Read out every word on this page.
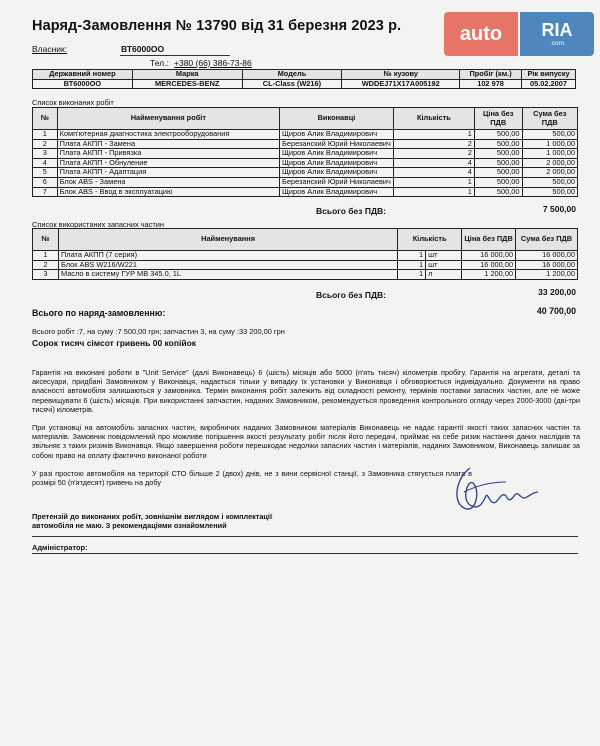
Наряд-Замовлення № 13790 від 31 березня 2023 р.	auto	RIA
.com
Власник:	ВТ6000ОО
Тел.: +380 (66) 386-73-86
Державний номер	Марка	Модель	№ кузову	Пробіг (км.)	Рік випуску
ВТ6000ОО	MERCEDES-BENZ	CL-Class (W216)	WDDEJ71X17A005192	102 978	05.02.2007
Список виконаних робіт
№	Найменування робіт	Виконавці	Кількість	Ціна без ПДВ	Сума без ПДВ
1	Комп'ютерная диагностика электрооборудования	Щиров Алик Владимирович	1	500,00	500,00
2	Плата АКПП - Замена	Березанский Юрий Николаевич	2	500,00	1 000,00
3	Плата АКПП - Привязка	Щиров Алик Владимирович	2	500,00	1 000,00
4	Плата АКПП - Обнуление	Щиров Алик Владимирович	4	500,00	2 000,00
5	Плата АКПП - Адаптация	Щиров Алик Владимирович	4	500,00	2 000,00
6	Блок ABS - Замена	Березанский Юрий Николаевич	1	500,00	500,00
7	Блок ABS - Ввод в эксплуатацию	Щиров Алик Владимирович	1	500,00	500,00
Всього без ПДВ:	7 500,00
Список використаних запасних частин
№	Найменування	Кількість		Ціна без ПДВ	Сума без ПДВ
1	Плата АКПП (7 серия)	1	шт	16 000,00	16 000,00
2	Блок ABS W216/W221	1	шт	16 000,00	16 000,00
3	Масло в систему ГУР MB 345.0, 1L	1	л	1 200,00	1 200,00
Всього без ПДВ:	33 200,00
Всього по наряд-замовленню:	40 700,00
Всього робіт :7, на суму :7 500,00 грн; запчастин 3, на суму :33 200,00 грн
Сорок тисяч сімсот гривень 00 копійок
Гарантія на виконані роботи в "Unit Service" (далі Виконавець) 6 (шість) місяців або 5000 (п'ять тисяч) кілометрів пробігу. Гарантія на агрегати, деталі та аксесуари, придбані Замовником у Виконавця, надається тільки у випадку їх установки у Виконавця і обговорюється індивідуально. Документи на право власності автомобіля залишаються у замовника. Термін виконання робіт залежить від складності ремонту, термінів поставки запасних частин, але не може перевищувати 6 (шість) місяців. При використанні запчастин, наданих Замовником, рекомендується проведення контрольного огляду через 2000-3000 (дві-три тисячі) кілометрів.
При установці на автомобіль запасних частин, виробничих наданих Замовником матеріалів Виконавець не надає гарантії якості таких запасних частин та матеріалів. Замовник повідомлений про можливе погіршення якості результату робіт після його передачі, приймає на себе ризик настання даних наслідків та звільняє з таких ризиків Виконавця. Якщо завершення роботи перешкодає недоліки запасних частин і матеріалів, наданих Замовником, Виконавець залишає за собою право на оплату фактично виконаної роботи
У разі простою автомобіля на території СТО більше 2 (двох) днів, не з вини сервісної станції, з Замовника стягується плата в розмірі 50 (п'ятдесят) гривень на добу
Претензій до виконаних робіт, зовнішнім виглядом і комплектації автомобіля не маю. З рекомендаціями ознайомлений
Адміністратор:
